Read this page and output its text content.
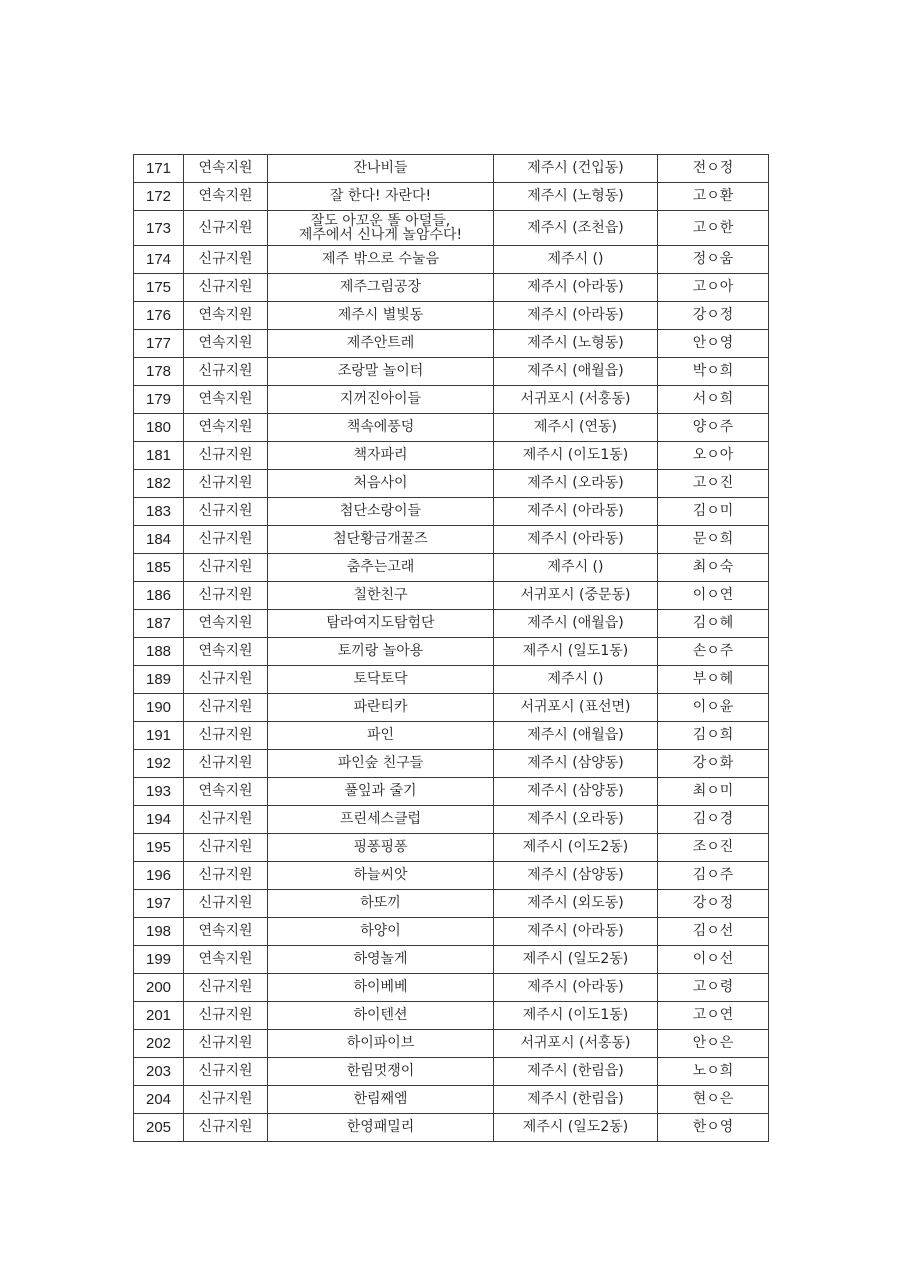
171	연속지원	잔나비들	제주시 (건입동)	전ㅇ정
172	연속지원	잘 한다! 자란다!	제주시 (노형동)	고ㅇ환
173	신규지원	잘도 아꼬운 똘 아덜들,
제주에서 신나게 놀암수다!	제주시 (조천읍)	고ㅇ한
174	신규지원	제주 밖으로 수눌음	제주시 ()	정ㅇ움
175	신규지원	제주그림공장	제주시 (아라동)	고ㅇ아
176	연속지원	제주시 별빛동	제주시 (아라동)	강ㅇ정
177	연속지원	제주안트레	제주시 (노형동)	안ㅇ영
178	신규지원	조랑말 놀이터	제주시 (애월읍)	박ㅇ희
179	연속지원	지꺼진아이들	서귀포시 (서홍동)	서ㅇ희
180	연속지원	책속에풍덩	제주시 (연동)	양ㅇ주
181	신규지원	책자파리	제주시 (이도1동)	오ㅇ아
182	신규지원	처음사이	제주시 (오라동)	고ㅇ진
183	신규지원	첨단소랑이들	제주시 (아라동)	김ㅇ미
184	신규지원	첨단황금개꿀즈	제주시 (아라동)	문ㅇ희
185	신규지원	춤추는고래	제주시 ()	최ㅇ숙
186	신규지원	칠한친구	서귀포시 (중문동)	이ㅇ연
187	연속지원	탐라여지도탐험단	제주시 (애월읍)	김ㅇ혜
188	연속지원	토끼랑 놀아용	제주시 (일도1동)	손ㅇ주
189	신규지원	토닥토닥	제주시 ()	부ㅇ혜
190	신규지원	파란티카	서귀포시 (표선면)	이ㅇ윤
191	신규지원	파인	제주시 (애월읍)	김ㅇ희
192	신규지원	파인숲 친구들	제주시 (삼양동)	강ㅇ화
193	연속지원	풀잎과 줄기	제주시 (삼양동)	최ㅇ미
194	신규지원	프린세스클럽	제주시 (오라동)	김ㅇ경
195	신규지원	핑퐁핑퐁	제주시 (이도2동)	조ㅇ진
196	신규지원	하늘씨앗	제주시 (삼양동)	김ㅇ주
197	신규지원	하또끼	제주시 (외도동)	강ㅇ정
198	연속지원	하양이	제주시 (아라동)	김ㅇ선
199	연속지원	하영놀게	제주시 (일도2동)	이ㅇ선
200	신규지원	하이베베	제주시 (아라동)	고ㅇ령
201	신규지원	하이텐션	제주시 (이도1동)	고ㅇ연
202	신규지원	하이파이브	서귀포시 (서홍동)	안ㅇ은
203	신규지원	한림멋쟁이	제주시 (한림읍)	노ㅇ희
204	신규지원	한림째엠	제주시 (한림읍)	현ㅇ은
205	신규지원	한영패밀리	제주시 (일도2동)	한ㅇ영
